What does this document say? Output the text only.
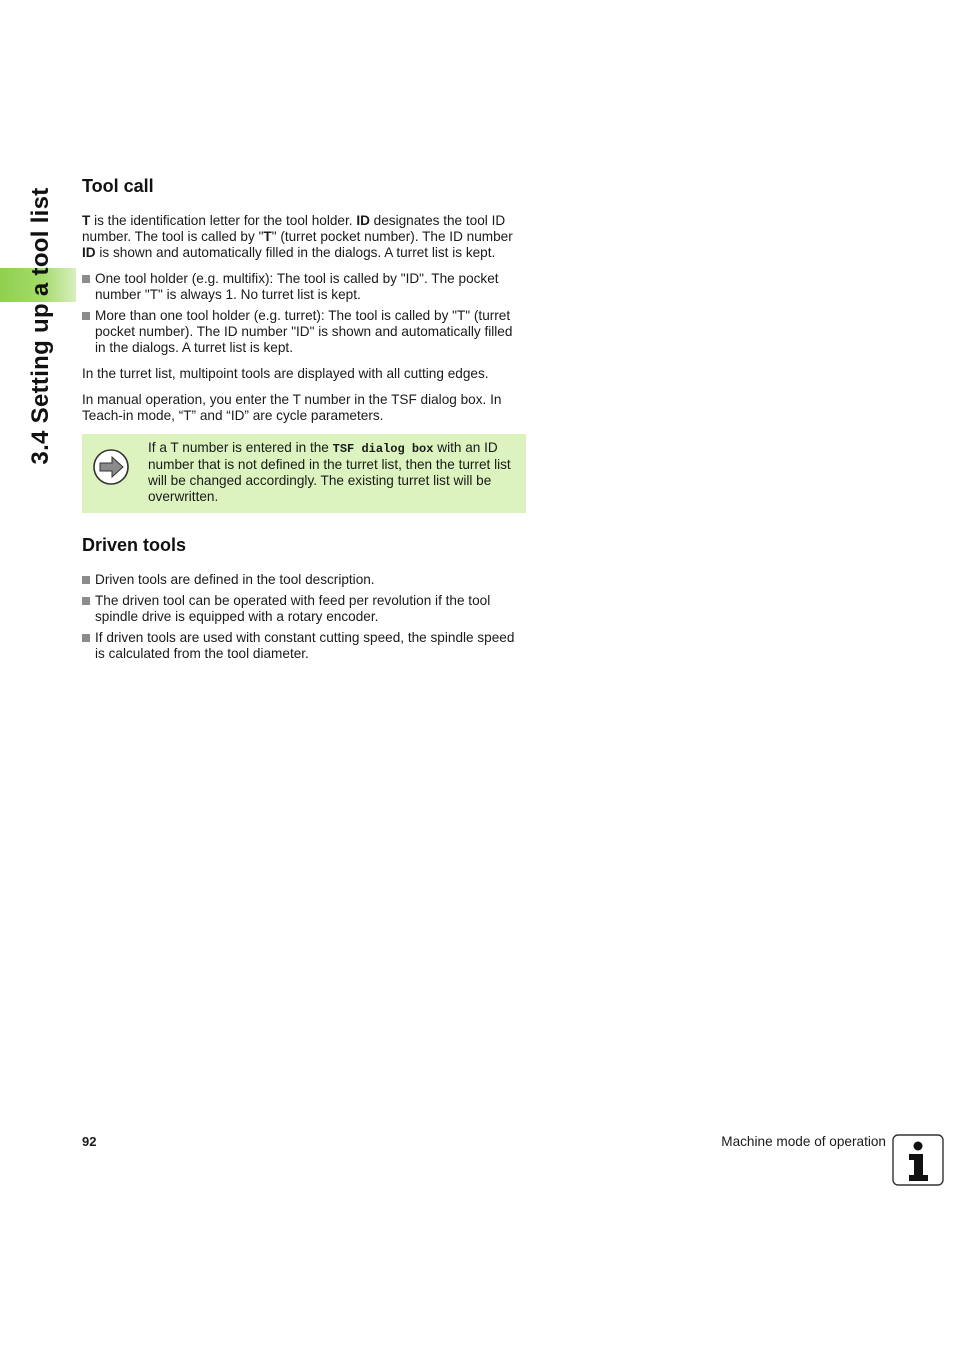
3.4 Setting up a tool list
Tool call

T is the identification letter for the tool holder. ID designates the tool ID number. The tool is called by "T" (turret pocket number). The ID number ID is shown and automatically filled in the dialogs. A turret list is kept.

One tool holder (e.g. multifix): The tool is called by "ID". The pocket number "T" is always 1. No turret list is kept.
More than one tool holder (e.g. turret): The tool is called by "T" (turret pocket number). The ID number "ID" is shown and automatically filled in the dialogs. A turret list is kept.

In the turret list, multipoint tools are displayed with all cutting edges.

In manual operation, you enter the T number in the TSF dialog box. In Teach-in mode, “T” and “ID” are cycle parameters.

If a T number is entered in the TSF dialog box with an ID number that is not defined in the turret list, then the turret list will be changed accordingly. The existing turret list will be overwritten.

Driven tools
Driven tools are defined in the tool description.
The driven tool can be operated with feed per revolution if the tool spindle drive is equipped with a rotary encoder.
If driven tools are used with constant cutting speed, the spindle speed is calculated from the tool diameter.
92	Machine mode of operation
